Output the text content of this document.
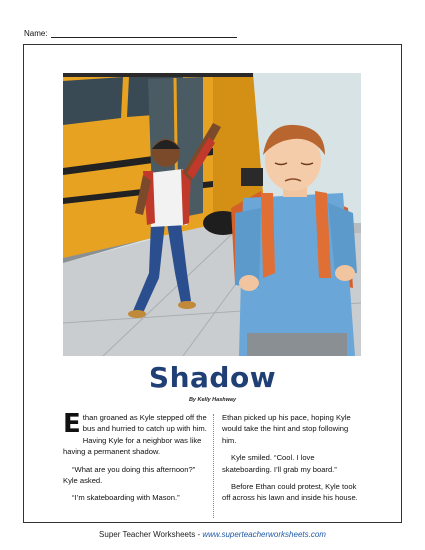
Name:
Shadow
By Kelly Hashway

Ethan groaned as Kyle stepped off the bus and hurried to catch up with him. Having Kyle for a neighbor was like having a permanent shadow.

“What are you doing this afternoon?” Kyle asked.

“I’m skateboarding with Mason.”

Ethan picked up his pace, hoping Kyle would take the hint and stop following him.

Kyle smiled. “Cool. I love skateboarding. I’ll grab my board.”

Before Ethan could protest, Kyle took off across his lawn and inside his house.

Super Teacher Worksheets - www.superteacherworksheets.com
